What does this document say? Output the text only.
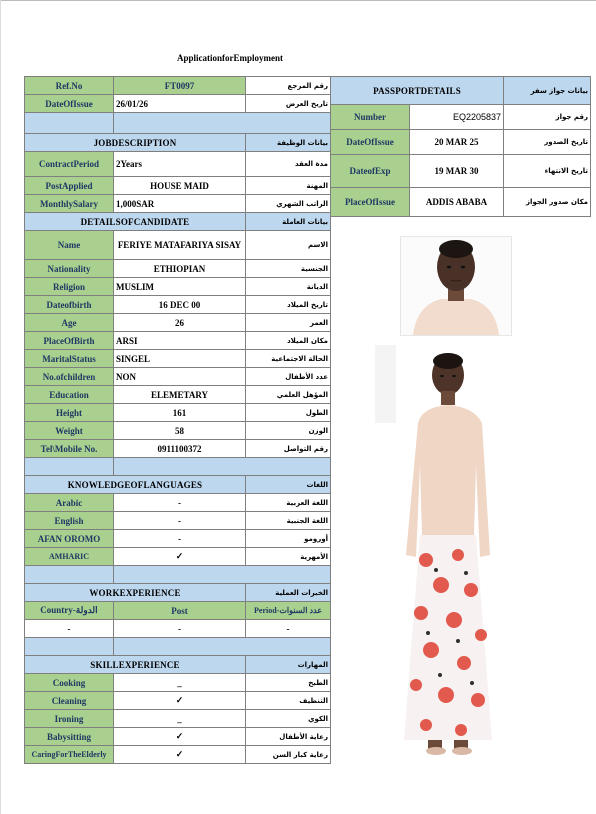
ApplicationforEmployment
Ref.No	FT0097	رقم المرجع
DateOfIssue	26/01/26	تاريخ العرض

JOBDESCRIPTION		بيانات الوظيفة
ContractPeriod	2Years	مدة العقد
PostApplied	HOUSE MAID	المهنة
MonthlySalary	1,000SAR	الراتب الشهري
DETAILSOFCANDIDATE		بيانات العاملة
Name	FERIYE MATAFARIYA SISAY	الاسم
Nationality	ETHIOPIAN	الجنسية
Religion	MUSLIM	الديانة
Dateofbirth	16 DEC 00	تاريخ الميلاد
Age	26	العمر
PlaceOfBirth	ARSI	مكان الميلاد
MaritalStatus	SINGEL	الحالة الاجتماعية
No.ofchildren	NON	عدد الأطفال
Education	ELEMETARY	المؤهل العلمي
Height	161	الطول
Weight	58	الوزن
Tel\Mobile No.	0911100372	رقم التواصل

KNOWLEDGEOFLANGUAGES		اللغات
Arabic	-	اللغة العربية
English	-	اللغة الجنبية
AFAN OROMO	-	أورومو
AMHARIC	✓	الأمهرية

WORKEXPERIENCE		الخبرات العملية
Country-الدولة	Post	Period-عدد السنوات
-	-	-

SKILLEXPERIENCE		المهارات
Cooking	_	الطبخ
Cleaning	✓	التنظيف
Ironing	_	الكوي
Babysitting	✓	رعاية الأطفال
CaringForTheElderly	✓	رعاية كبار السن
PASSPORTDETAILS		بيانات جواز سفر
Number	EQ2205837	رقم جواز
DateOfIssue	20 MAR 25	تاريخ الصدور
DateofExp	19 MAR 30	تاريخ الانتهاء
PlaceOfIssue	ADDIS ABABA	مكان صدور الجواز
